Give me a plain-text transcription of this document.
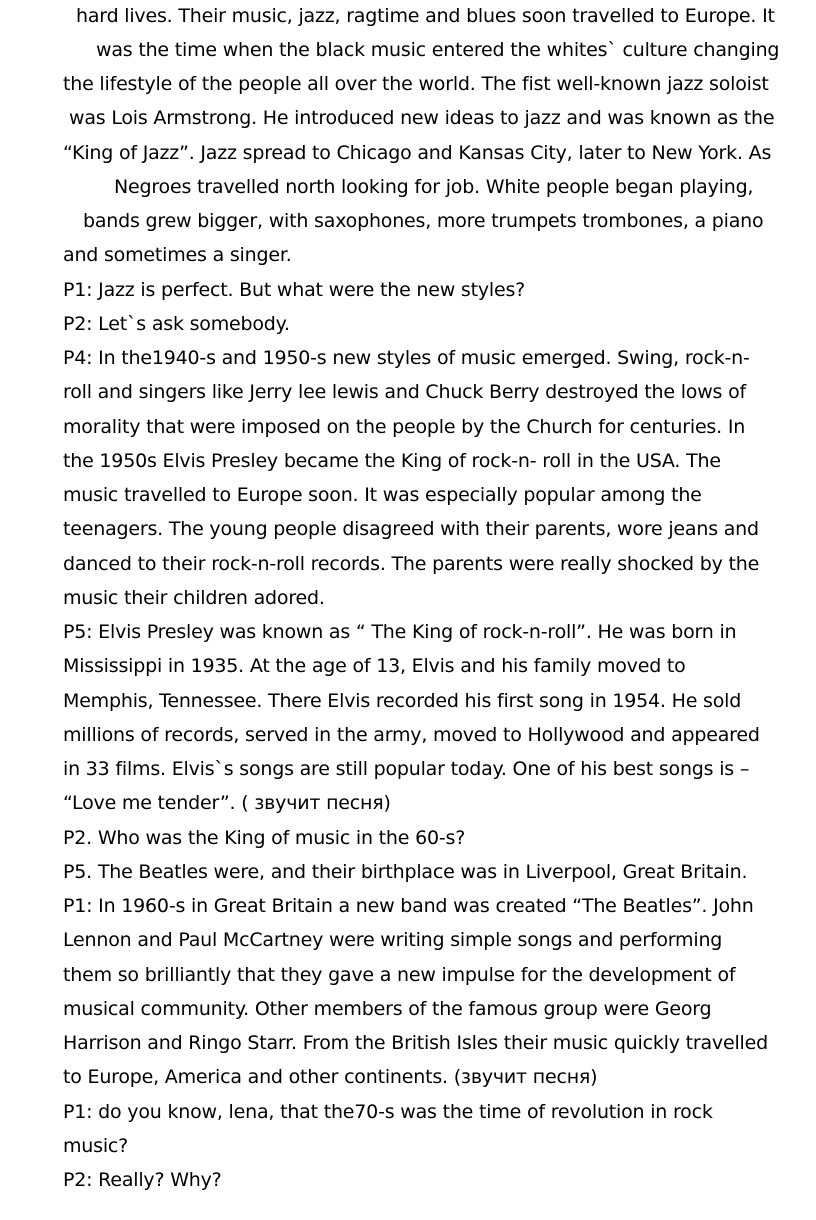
hard lives. Their music, jazz, ragtime and blues soon travelled to Europe. It
was the time when the black music entered the whites` culture changing
the lifestyle of the people all over the world. The fist well-known jazz soloist
was Lois Armstrong. He introduced new ideas to jazz and was known as the
“King of Jazz”. Jazz spread to Chicago and Kansas City, later to New York. As
Negroes travelled north looking for job. White people began playing,
bands grew bigger, with saxophones, more trumpets trombones, a piano
and sometimes a singer.
P1: Jazz is perfect. But what were the new styles?
P2: Let`s ask somebody.
P4: In the1940-s and 1950-s new styles of music emerged. Swing, rock-n-
roll and singers like Jerry lee lewis and Chuck Berry destroyed the lows of
morality that were imposed on the people by the Church for centuries. In
the 1950s Elvis Presley became the King of rock-n- roll in the USA. The
music travelled to Europe soon. It was especially popular among the
teenagers. The young people disagreed with their parents, wore jeans and
danced to their rock-n-roll records. The parents were really shocked by the
music their children adored.
P5: Elvis Presley was known as “ The King of rock-n-roll”. He was born in
Mississippi in 1935. At the age of 13, Elvis and his family moved to
Memphis, Tennessee. There Elvis recorded his first song in 1954. He sold
millions of records, served in the army, moved to Hollywood and appeared
in 33 films. Elvis`s songs are still popular today. One of his best songs is –
“Love me tender”. ( звучит песня)
P2. Who was the King of music in the 60-s?
P5. The Beatles were, and their birthplace was in Liverpool, Great Britain.
P1: In 1960-s in Great Britain a new band was created “The Beatles”. John
Lennon and Paul McCartney were writing simple songs and performing
them so brilliantly that they gave a new impulse for the development of
musical community. Other members of the famous group were Georg
Harrison and Ringo Starr. From the British Isles their music quickly travelled
to Europe, America and other continents. (звучит песня)
P1: do you know, lena, that the70-s was the time of revolution in rock
music?
P2: Really? Why?
